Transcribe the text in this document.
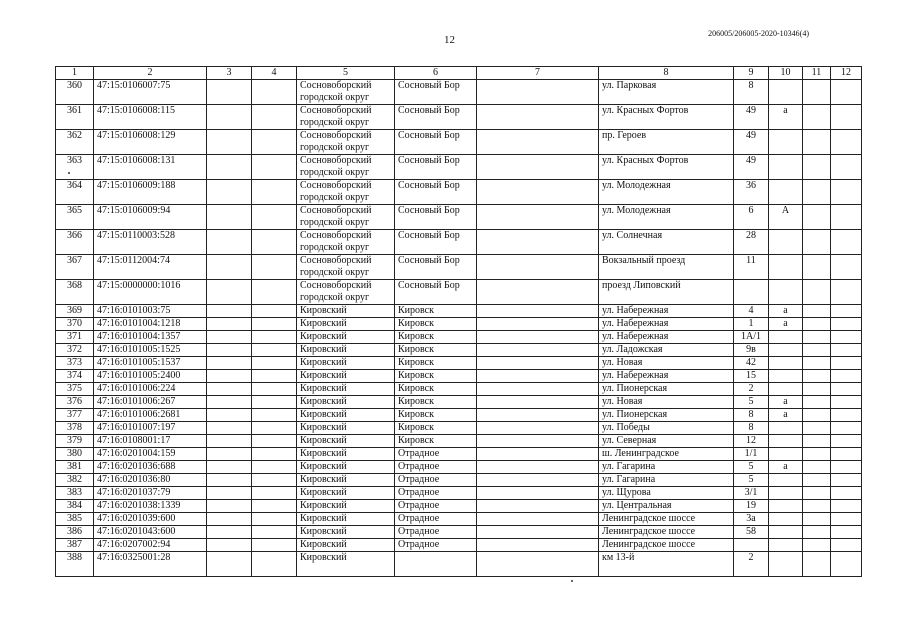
206005/206005-2020-10346(4)
12
1	2	3	4	5	6	7	8	9	10	11	12
360	47:15:0106007:75			Сосновоборский городской округ	Сосновый Бор		ул. Парковая	8			
361	47:15:0106008:115			Сосновоборский городской округ	Сосновый Бор		ул. Красных Фортов	49	а		
362	47:15:0106008:129			Сосновоборский городской округ	Сосновый Бор		пр. Героев	49			
363	47:15:0106008:131			Сосновоборский городской округ	Сосновый Бор		ул. Красных Фортов	49			
364	47:15:0106009:188			Сосновоборский городской округ	Сосновый Бор		ул. Молодежная	36			
365	47:15:0106009:94			Сосновоборский городской округ	Сосновый Бор		ул. Молодежная	6	А		
366	47:15:0110003:528			Сосновоборский городской округ	Сосновый Бор		ул. Солнечная	28			
367	47:15:0112004:74			Сосновоборский городской округ	Сосновый Бор		Вокзальный проезд	11			
368	47:15:0000000:1016			Сосновоборский городской округ	Сосновый Бор		проезд Липовский				
369	47:16:0101003:75			Кировский	Кировск		ул. Набережная	4	а		
370	47:16:0101004:1218			Кировский	Кировск		ул. Набережная	1	а		
371	47:16:0101004:1357			Кировский	Кировск		ул. Набережная	1А/1			
372	47:16:0101005:1525			Кировский	Кировск		ул. Ладожская	9в			
373	47:16:0101005:1537			Кировский	Кировск		ул. Новая	42			
374	47:16:0101005:2400			Кировский	Кировск		ул. Набережная	15			
375	47:16:0101006:224			Кировский	Кировск		ул. Пионерская	2			
376	47:16:0101006:267			Кировский	Кировск		ул. Новая	5	а		
377	47:16:0101006:2681			Кировский	Кировск		ул. Пионерская	8	а		
378	47:16:0101007:197			Кировский	Кировск		ул. Победы	8			
379	47:16:0108001:17			Кировский	Кировск		ул. Северная	12			
380	47:16:0201004:159			Кировский	Отрадное		ш. Ленинградское	1/1			
381	47:16:0201036:688			Кировский	Отрадное		ул. Гагарина	5	а		
382	47:16:0201036:80			Кировский	Отрадное		ул. Гагарина	5			
383	47:16:0201037:79			Кировский	Отрадное		ул. Щурова	3/1			
384	47:16:0201038:1339			Кировский	Отрадное		ул. Центральная	19			
385	47:16:0201039:600			Кировский	Отрадное		Ленинградское шоссе	3а			
386	47:16:0201043:600			Кировский	Отрадное		Ленинградское шоссе	58			
387	47:16:0207002:94			Кировский	Отрадное		Ленинградское шоссе				
388	47:16:0325001:28			Кировский			км 13-й	2			
